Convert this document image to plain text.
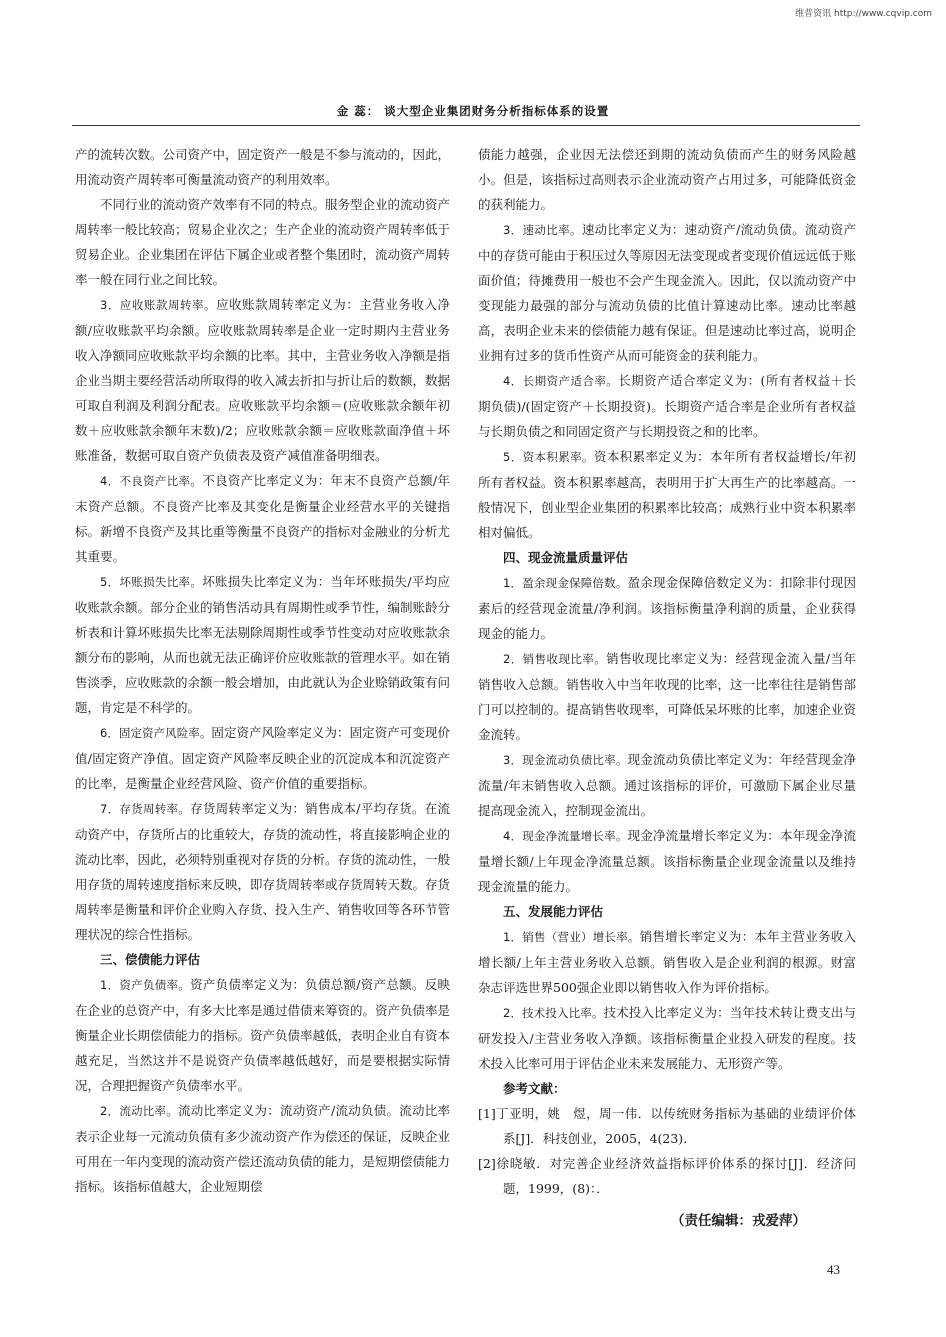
维普资讯 http://www.cqvip.com
金 蕊： 谈大型企业集团财务分析指标体系的设置

产的流转次数。公司资产中，固定资产一般是不参与流动的，因此，用流动资产周转率可衡量流动资产的利用效率。

不同行业的流动资产效率有不同的特点。服务型企业的流动资产周转率一般比较高；贸易企业次之；生产企业的流动资产周转率低于贸易企业。企业集团在评估下属企业或者整个集团时，流动资产周转率一般在同行业之间比较。

3．应收账款周转率。应收账款周转率定义为：主营业务收入净额/应收账款平均余额。应收账款周转率是企业一定时期内主营业务收入净额同应收账款平均余额的比率。其中，主营业务收入净额是指企业当期主要经营活动所取得的收入减去折扣与折让后的数额，数据可取自利润及利润分配表。应收账款平均余额＝(应收账款余额年初数＋应收账款余额年末数)/2；应收账款余额＝应收账款面净值＋坏账准备，数据可取自资产负债表及资产减值准备明细表。

4．不良资产比率。不良资产比率定义为：年末不良资产总额/年末资产总额。不良资产比率及其变化是衡量企业经营水平的关键指标。新增不良资产及其比重等衡量不良资产的指标对金融业的分析尤其重要。

5．坏账损失比率。坏账损失比率定义为：当年坏账损失/平均应收账款余额。部分企业的销售活动具有周期性或季节性，编制账龄分析表和计算坏账损失比率无法剔除周期性或季节性变动对应收账款余额分布的影响，从而也就无法正确评价应收账款的管理水平。如在销售淡季，应收账款的余额一般会增加，由此就认为企业赊销政策有问题，肯定是不科学的。

6．固定资产风险率。固定资产风险率定义为：固定资产可变现价值/固定资产净值。固定资产风险率反映企业的沉淀成本和沉淀资产的比率，是衡量企业经营风险、资产价值的重要指标。

7．存货周转率。存货周转率定义为：销售成本/平均存货。在流动资产中，存货所占的比重较大，存货的流动性，将直接影响企业的流动比率，因此，必须特别重视对存货的分析。存货的流动性，一般用存货的周转速度指标来反映，即存货周转率或存货周转天数。存货周转率是衡量和评价企业购入存货、投入生产、销售收回等各环节管理状况的综合性指标。

三、偿债能力评估

1．资产负债率。资产负债率定义为：负债总额/资产总额。反映在企业的总资产中，有多大比率是通过借债来筹资的。资产负债率是衡量企业长期偿债能力的指标。资产负债率越低，表明企业自有资本越充足，当然这并不是说资产负债率越低越好，而是要根据实际情况，合理把握资产负债率水平。

2．流动比率。流动比率定义为：流动资产/流动负债。流动比率表示企业每一元流动负债有多少流动资产作为偿还的保证，反映企业可用在一年内变现的流动资产偿还流动负债的能力，是短期偿债能力指标。该指标值越大，企业短期偿

债能力越强，企业因无法偿还到期的流动负债而产生的财务风险越小。但是，该指标过高则表示企业流动资产占用过多，可能降低资金的获利能力。

3．速动比率。速动比率定义为：速动资产/流动负债。流动资产中的存货可能由于积压过久等原因无法变现或者变现价值远远低于账面价值；待摊费用一般也不会产生现金流入。因此，仅以流动资产中变现能力最强的部分与流动负债的比值计算速动比率。速动比率越高，表明企业未来的偿债能力越有保证。但是速动比率过高，说明企业拥有过多的货币性资产从而可能资金的获利能力。

4．长期资产适合率。长期资产适合率定义为：(所有者权益＋长期负债)/(固定资产＋长期投资)。长期资产适合率是企业所有者权益与长期负债之和同固定资产与长期投资之和的比率。

5．资本积累率。资本积累率定义为：本年所有者权益增长/年初所有者权益。资本积累率越高，表明用于扩大再生产的比率越高。一般情况下，创业型企业集团的积累率比较高；成熟行业中资本积累率相对偏低。

四、现金流量质量评估

1．盈余现金保障倍数。盈余现金保障倍数定义为：扣除非付现因素后的经营现金流量/净利润。该指标衡量净利润的质量，企业获得现金的能力。

2．销售收现比率。销售收现比率定义为：经营现金流入量/当年销售收入总额。销售收入中当年收现的比率，这一比率往往是销售部门可以控制的。提高销售收现率，可降低呆坏账的比率，加速企业资金流转。

3．现金流动负债比率。现金流动负债比率定义为：年经营现金净流量/年末销售收入总额。通过该指标的评价，可激励下属企业尽量提高现金流入，控制现金流出。

4．现金净流量增长率。现金净流量增长率定义为：本年现金净流量增长额/上年现金净流量总额。该指标衡量企业现金流量以及维持现金流量的能力。

五、发展能力评估

1．销售（营业）增长率。销售增长率定义为：本年主营业务收入增长额/上年主营业务收入总额。销售收入是企业利润的根源。财富杂志评选世界500强企业即以销售收入作为评价指标。

2．技术投入比率。技术投入比率定义为：当年技术转让费支出与研发投入/主营业务收入净额。该指标衡量企业投入研发的程度。技术投入比率可用于评估企业未来发展能力、无形资产等。

参考文献：

[1]丁亚明，姚　煜，周一伟．以传统财务指标为基础的业绩评价体系[J]．科技创业，2005，4(23)．

[2]徐晓敏．对完善企业经济效益指标评价体系的探讨[J]．经济问题，1999，(8)：．

（责任编辑：戎爱萍）
43
